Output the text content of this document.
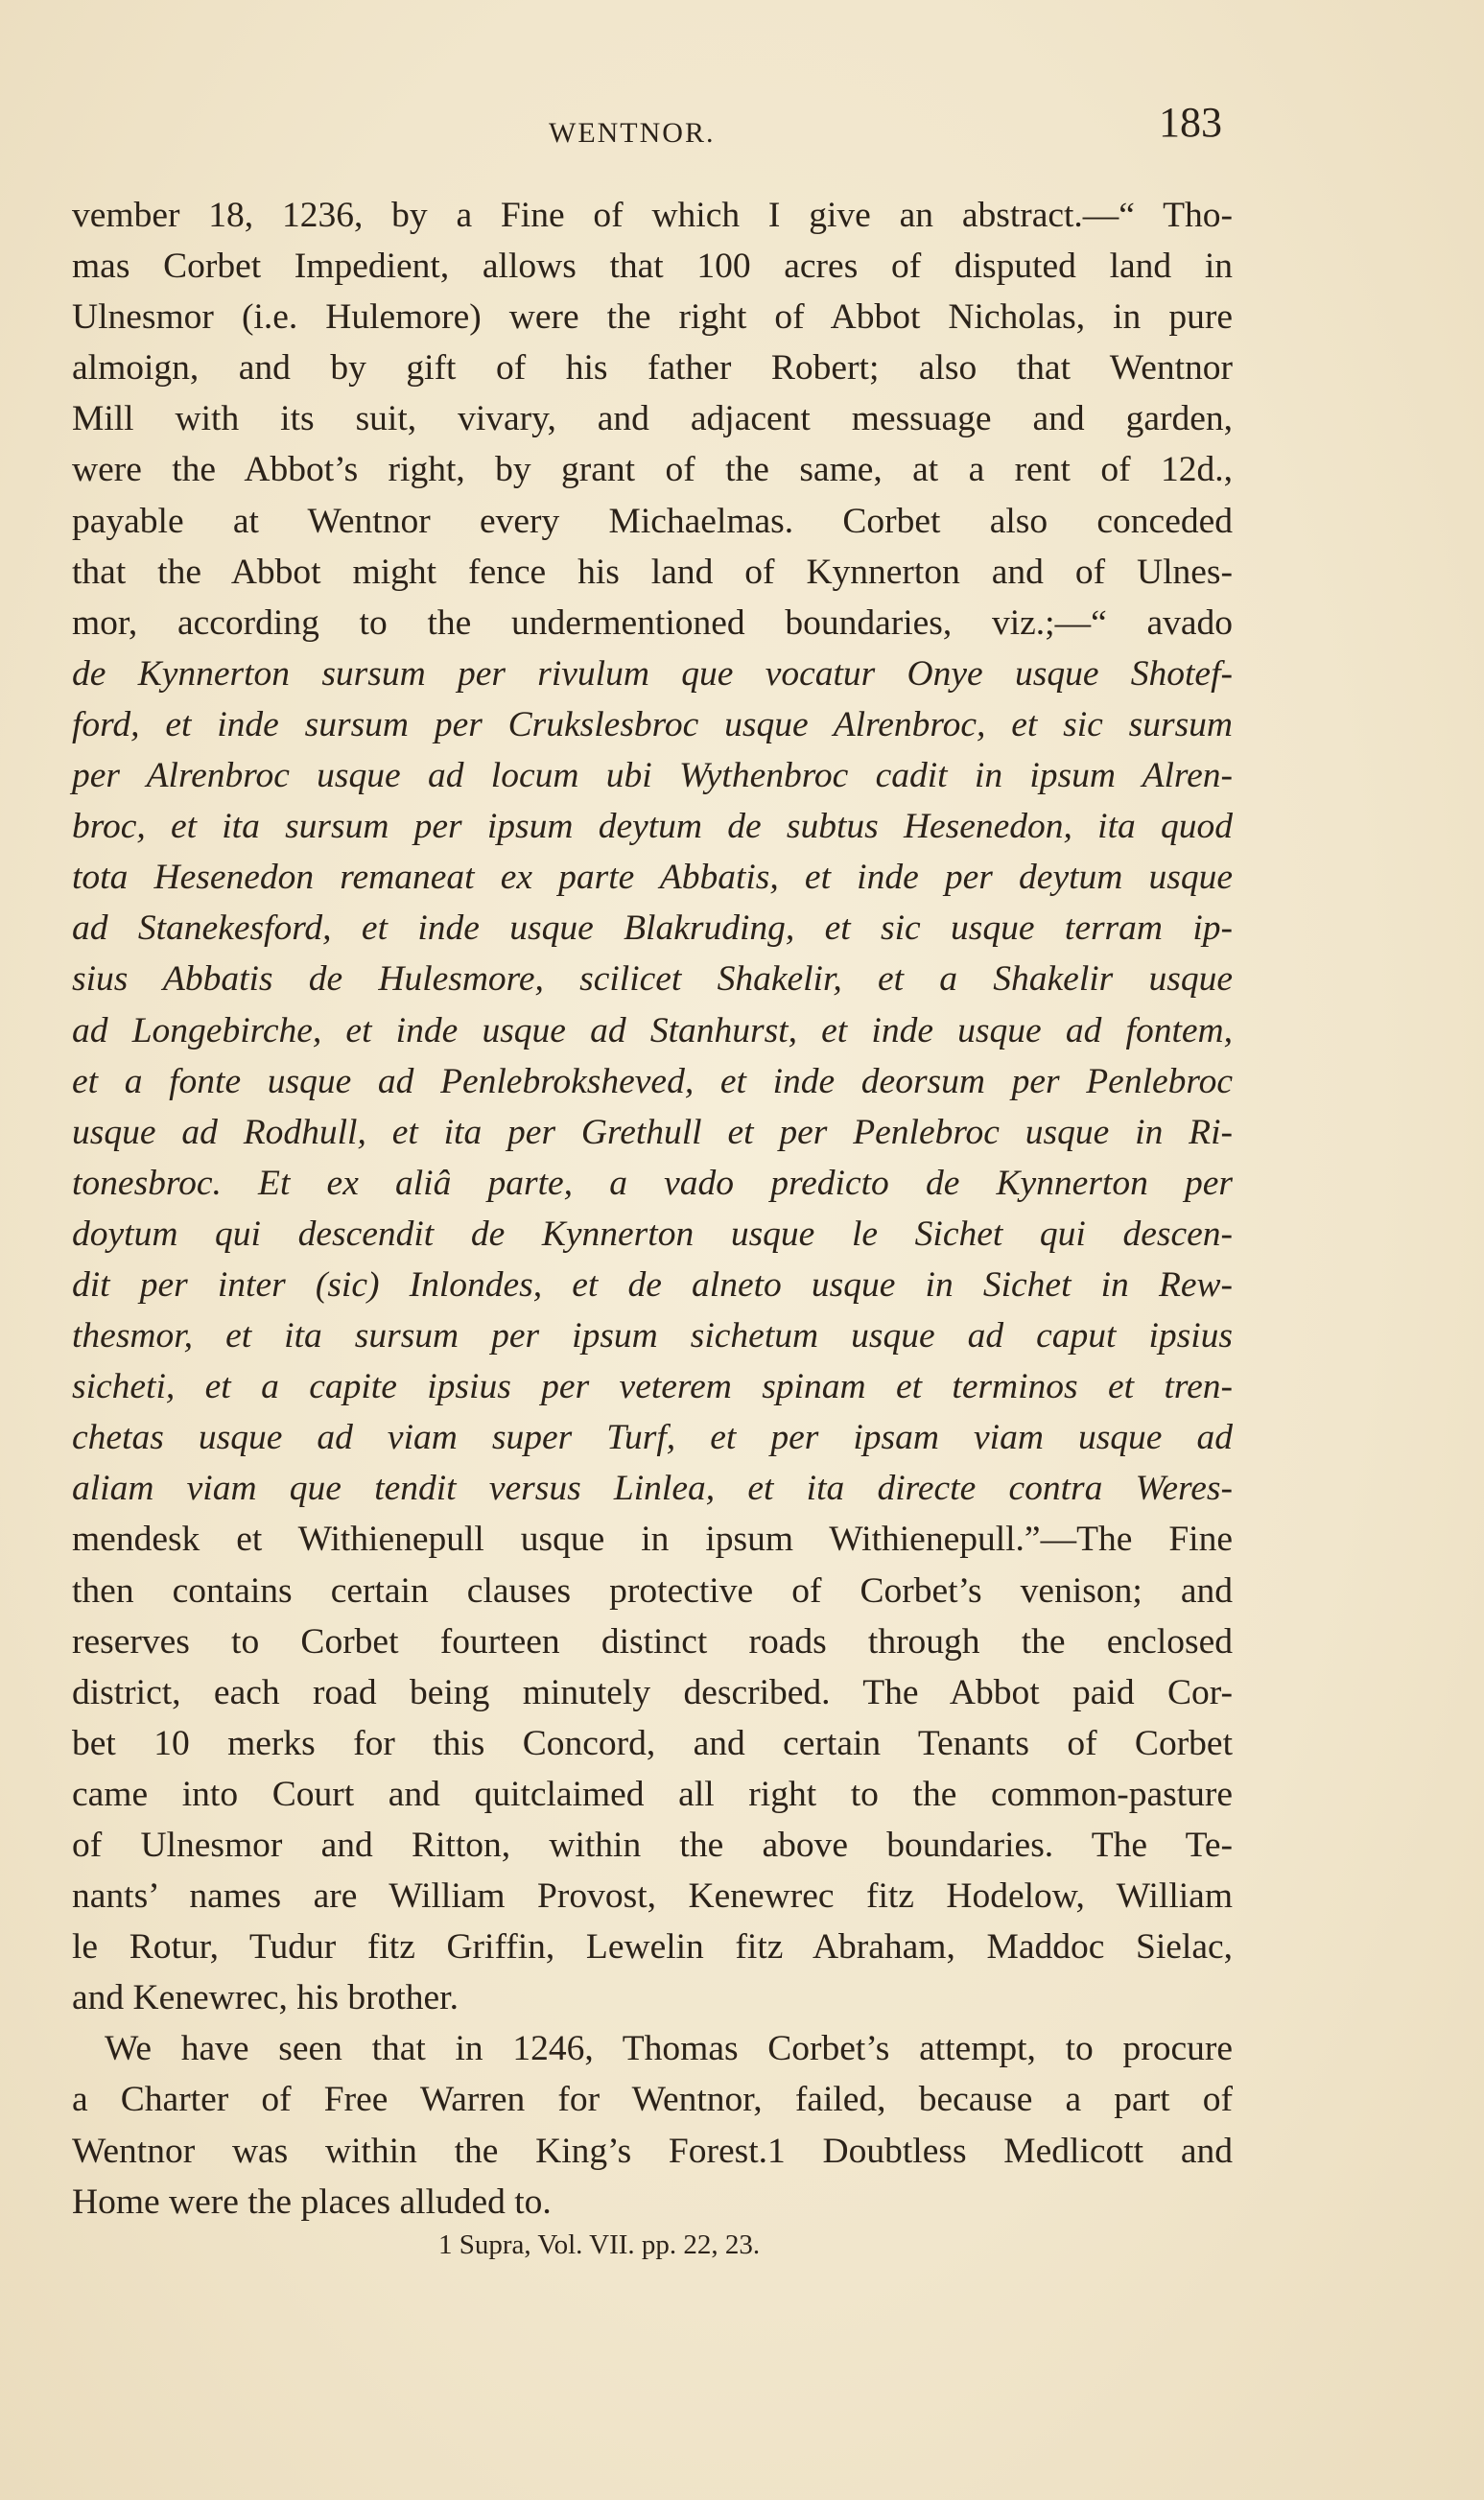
WENTNOR.	183
vember 18, 1236, by a Fine of which I give an abstract.—“ Tho-
mas Corbet Impedient, allows that 100 acres of disputed land in
Ulnesmor (i.e. Hulemore) were the right of Abbot Nicholas, in pure
almoign, and by gift of his father Robert; also that Wentnor
Mill with its suit, vivary, and adjacent messuage and garden,
were the Abbot’s right, by grant of the same, at a rent of 12d.,
payable at Wentnor every Michaelmas. Corbet also conceded
that the Abbot might fence his land of Kynnerton and of Ulnes-
mor, according to the undermentioned boundaries, viz.;—“ avado
de Kynnerton sursum per rivulum que vocatur Onye usque Shotef-
ford, et inde sursum per Crukslesbroc usque Alrenbroc, et sic sursum
per Alrenbroc usque ad locum ubi Wythenbroc cadit in ipsum Alren-
broc, et ita sursum per ipsum deytum de subtus Hesenedon, ita quod
tota Hesenedon remaneat ex parte Abbatis, et inde per deytum usque
ad Stanekesford, et inde usque Blakruding, et sic usque terram ip-
sius Abbatis de Hulesmore, scilicet Shakelir, et a Shakelir usque
ad Longebirche, et inde usque ad Stanhurst, et inde usque ad fontem,
et a fonte usque ad Penlebroksheved, et inde deorsum per Penlebroc
usque ad Rodhull, et ita per Grethull et per Penlebroc usque in Ri-
tonesbroc. Et ex aliâ parte, a vado predicto de Kynnerton per
doytum qui descendit de Kynnerton usque le Sichet qui descen-
dit per inter (sic) Inlondes, et de alneto usque in Sichet in Rew-
thesmor, et ita sursum per ipsum sichetum usque ad caput ipsius
sicheti, et a capite ipsius per veterem spinam et terminos et tren-
chetas usque ad viam super Turf, et per ipsam viam usque ad
aliam viam que tendit versus Linlea, et ita directe contra Weres-
mendesk et Withienepull usque in ipsum Withienepull.”—The Fine
then contains certain clauses protective of Corbet’s venison; and
reserves to Corbet fourteen distinct roads through the enclosed
district, each road being minutely described. The Abbot paid Cor-
bet 10 merks for this Concord, and certain Tenants of Corbet
came into Court and quitclaimed all right to the common-pasture
of Ulnesmor and Ritton, within the above boundaries. The Te-
nants’ names are William Provost, Kenewrec fitz Hodelow, William
le Rotur, Tudur fitz Griffin, Lewelin fitz Abraham, Maddoc Sielac,
and Kenewrec, his brother.
We have seen that in 1246, Thomas Corbet’s attempt, to procure
a Charter of Free Warren for Wentnor, failed, because a part of
Wentnor was within the King’s Forest.1 Doubtless Medlicott and
Home were the places alluded to.
1 Supra, Vol. VII. pp. 22, 23.
